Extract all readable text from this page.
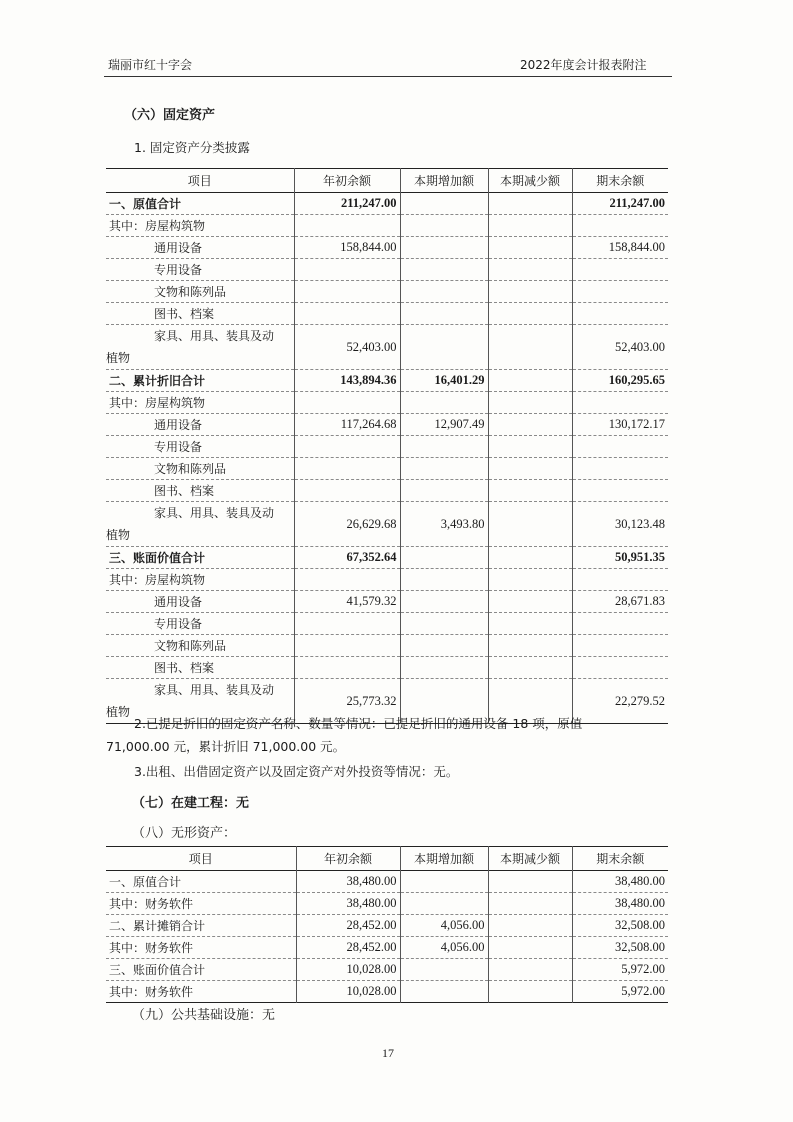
瑞丽市红十字会	2022年度会计报表附注
（六）固定资产
1. 固定资产分类披露
项目	年初余额	本期增加额	本期减少额	期末余额
一、原值合计	211,247.00			211,247.00
其中：房屋构筑物				
通用设备	158,844.00			158,844.00
专用设备				
文物和陈列品				
图书、档案				

家具、用具、装具及动
植物	52,403.00			52,403.00
二、累计折旧合计	143,894.36	16,401.29		160,295.65
其中：房屋构筑物				
通用设备	117,264.68	12,907.49		130,172.17
专用设备				
文物和陈列品				
图书、档案				

家具、用具、装具及动
植物	26,629.68	3,493.80		30,123.48
三、账面价值合计	67,352.64			50,951.35
其中：房屋构筑物				
通用设备	41,579.32			28,671.83
专用设备				
文物和陈列品				
图书、档案				

家具、用具、装具及动
植物	25,773.32			22,279.52
2.已提足折旧的固定资产名称、数量等情况：已提足折旧的通用设备 18 项，原值
71,000.00 元，累计折旧 71,000.00 元。
3.出租、出借固定资产以及固定资产对外投资等情况：无。
（七）在建工程：无
（八）无形资产：
项目	年初余额	本期增加额	本期减少额	期末余额
一、原值合计	38,480.00			38,480.00
其中：财务软件	38,480.00			38,480.00
二、累计摊销合计	28,452.00	4,056.00		32,508.00
其中：财务软件	28,452.00	4,056.00		32,508.00
三、账面价值合计	10,028.00			5,972.00
其中：财务软件	10,028.00			5,972.00
（九）公共基础设施：无
17
